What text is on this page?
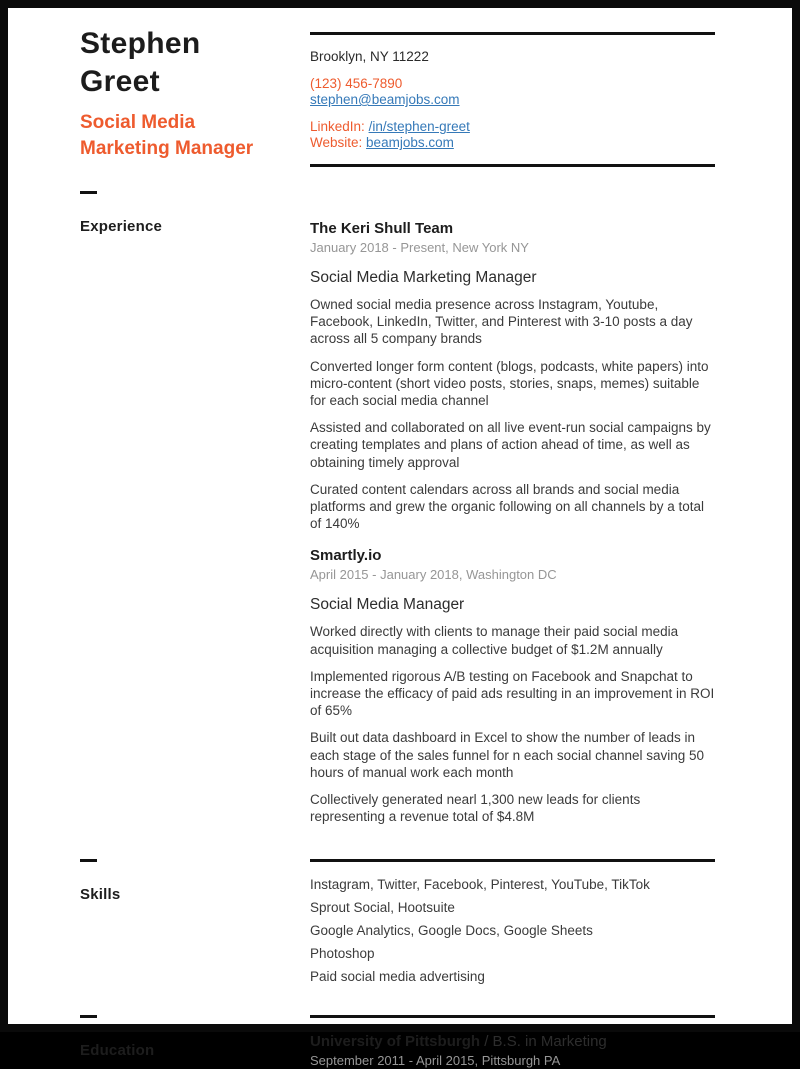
Stephen
Greet
Social Media
Marketing Manager
Brooklyn, NY 11222
(123) 456-7890
stephen@beamjobs.com
LinkedIn: /in/stephen-greet
Website: beamjobs.com
Experience	The Keri Shull Team
January 2018 - Present, New York NY
Social Media Marketing Manager

Owned social media presence across Instagram, Youtube, Facebook, LinkedIn, Twitter, and Pinterest with 3-10 posts a day across all 5 company brands

Converted longer form content (blogs, podcasts, white papers) into micro-content (short video posts, stories, snaps, memes) suitable for each social media channel

Assisted and collaborated on all live event-run social campaigns by creating templates and plans of action ahead of time, as well as obtaining timely approval

Curated content calendars across all brands and social media platforms and grew the organic following on all channels by a total of 140%

Smartly.io
April 2015 - January 2018, Washington DC
Social Media Manager

Worked directly with clients to manage their paid social media acquisition managing a collective budget of $1.2M annually

Implemented rigorous A/B testing on Facebook and Snapchat to increase the efficacy of paid ads resulting in an improvement in ROI of 65%

Built out data dashboard in Excel to show the number of leads in each stage of the sales funnel for n each social channel saving 50 hours of manual work each month

Collectively generated nearl 1,300 new leads for clients representing a revenue total of $4.8M

Skills
Instagram, Twitter, Facebook, Pinterest, YouTube, TikTok
Sprout Social, Hootsuite
Google Analytics, Google Docs, Google Sheets
Photoshop
Paid social media advertising
Education
University of Pittsburgh / B.S. in Marketing
September 2011 - April 2015, Pittsburgh PA
